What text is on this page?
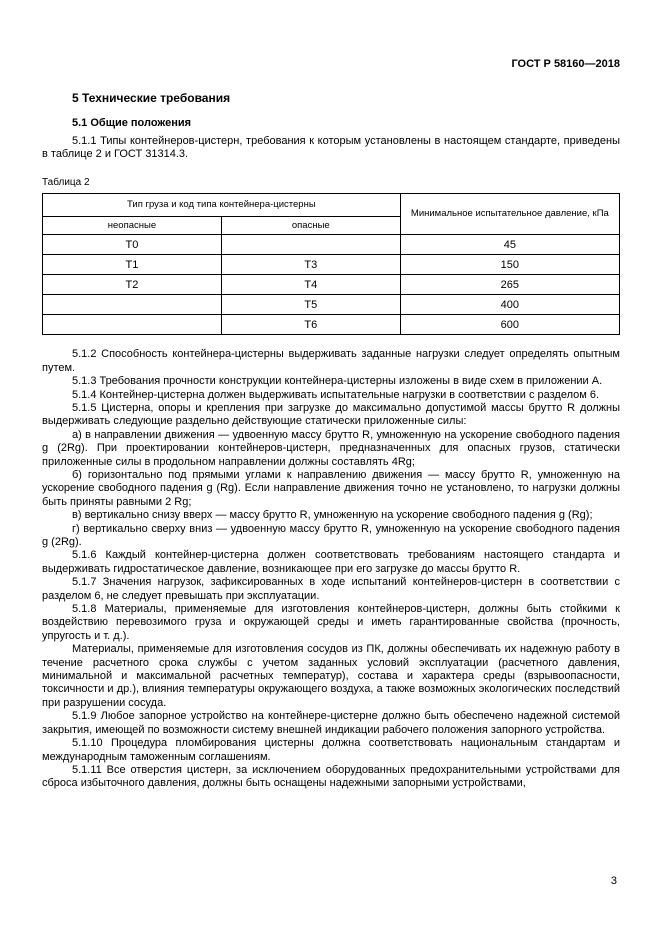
ГОСТ Р 58160—2018
5 Технические требования
5.1 Общие положения

5.1.1 Типы контейнеров-цистерн, требования к которым установлены в настоящем стандарте, приведены в таблице 2 и ГОСТ 31314.3.

Таблица 2
Тип груза и код типа контейнера-цистерны		Минимальное испытательное давление, кПа
неопасные	опасные	
Т0		45
Т1	Т3	150
Т2	Т4	265
	Т5	400
	Т6	600

5.1.2 Способность контейнера-цистерны выдерживать заданные нагрузки следует определять опытным путем.

5.1.3 Требования прочности конструкции контейнера-цистерны изложены в виде схем в приложении А.

5.1.4 Контейнер-цистерна должен выдерживать испытательные нагрузки в соответствии с разделом 6.

5.1.5 Цистерна, опоры и крепления при загрузке до максимально допустимой массы брутто R должны выдерживать следующие раздельно действующие статически приложенные силы:

а) в направлении движения — удвоенную массу брутто R, умноженную на ускорение свободного падения g (2Rg). При проектировании контейнеров-цистерн, предназначенных для опасных грузов, статически приложенные силы в продольном направлении должны составлять 4Rg;

б) горизонтально под прямыми углами к направлению движения — массу брутто R, умноженную на ускорение свободного падения g (Rg). Если направление движения точно не установлено, то нагрузки должны быть приняты равными 2 Rg;

в) вертикально снизу вверх — массу брутто R, умноженную на ускорение свободного падения g (Rg);

г) вертикально сверху вниз — удвоенную массу брутто R, умноженную на ускорение свободного падения g (2Rg).

5.1.6 Каждый контейнер-цистерна должен соответствовать требованиям настоящего стандарта и выдерживать гидростатическое давление, возникающее при его загрузке до массы брутто R.

5.1.7 Значения нагрузок, зафиксированных в ходе испытаний контейнеров-цистерн в соответствии с разделом 6, не следует превышать при эксплуатации.

5.1.8 Материалы, применяемые для изготовления контейнеров-цистерн, должны быть стойкими к воздействию перевозимого груза и окружающей среды и иметь гарантированные свойства (прочность, упругость и т. д.).

Материалы, применяемые для изготовления сосудов из ПК, должны обеспечивать их надежную работу в течение расчетного срока службы с учетом заданных условий эксплуатации (расчетного давления, минимальной и максимальной расчетных температур), состава и характера среды (взрывоопасности, токсичности и др.), влияния температуры окружающего воздуха, а также возможных экологических последствий при разрушении сосуда.

5.1.9 Любое запорное устройство на контейнере-цистерне должно быть обеспечено надежной системой закрытия, имеющей по возможности систему внешней индикации рабочего положения запорного устройства.

5.1.10 Процедура пломбирования цистерны должна соответствовать национальным стандартам и международным таможенным соглашениям.

5.1.11 Все отверстия цистерн, за исключением оборудованных предохранительными устройствами для сброса избыточного давления, должны быть оснащены надежными запорными устройствами,

3
